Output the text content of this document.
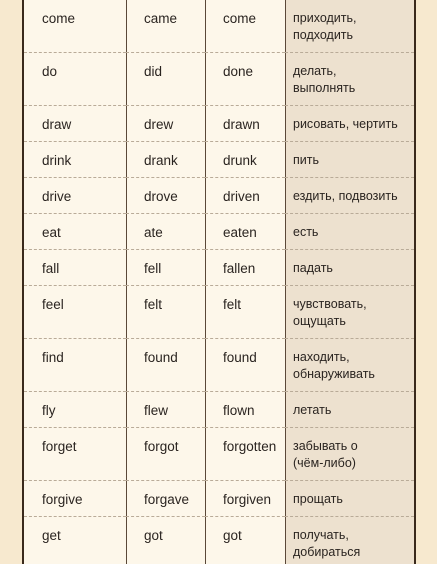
come	came	come	приходить,
подходить

do	did	done	делать,
выполнять

draw	drew	drawn	рисовать, чертить

drink	drank	drunk	пить

drive	drove	driven	ездить, подвозить

eat	ate	eaten	есть

fall	fell	fallen	падать

feel	felt	felt	чувствовать,
ощущать

find	found	found	находить,
обнаруживать

fly	flew	flown	летать

forget	forgot	forgotten	забывать о
(чём-либо)

forgive	forgave	forgiven	прощать

get	got	got	получать,
добираться
